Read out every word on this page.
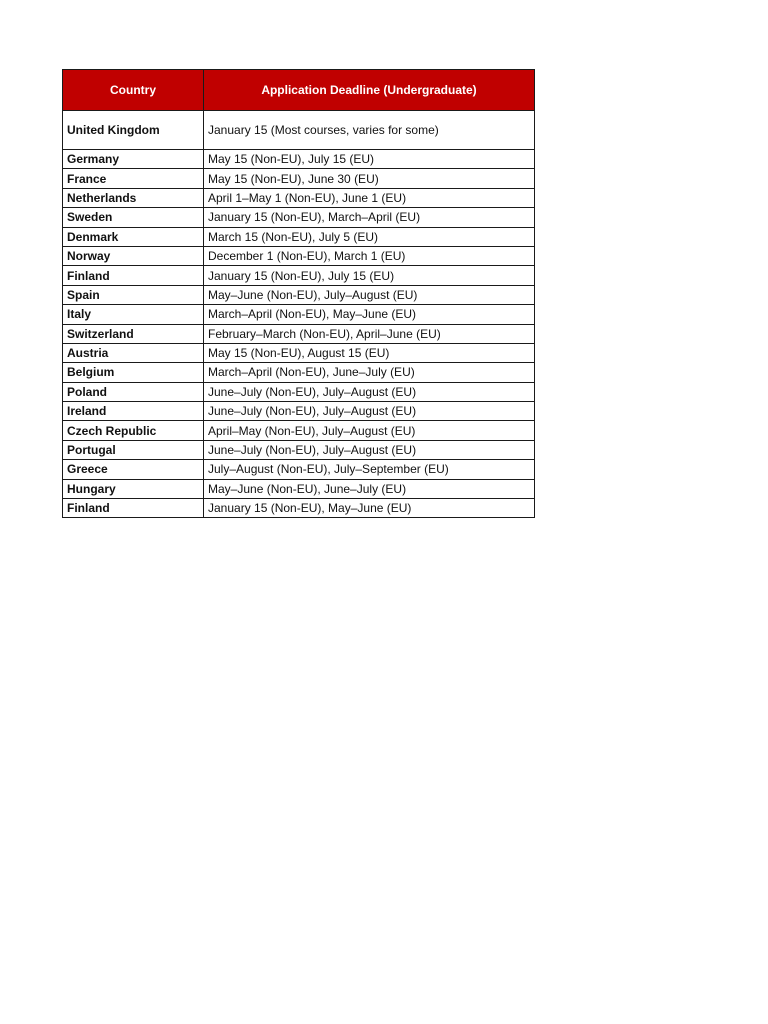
Country	Application Deadline (Undergraduate)
United Kingdom	January 15 (Most courses, varies for some)
Germany	May 15 (Non-EU), July 15 (EU)
France	May 15 (Non-EU), June 30 (EU)
Netherlands	April 1–May 1 (Non-EU), June 1 (EU)
Sweden	January 15 (Non-EU), March–April (EU)
Denmark	March 15 (Non-EU), July 5 (EU)
Norway	December 1 (Non-EU), March 1 (EU)
Finland	January 15 (Non-EU), July 15 (EU)
Spain	May–June (Non-EU), July–August (EU)
Italy	March–April (Non-EU), May–June (EU)
Switzerland	February–March (Non-EU), April–June (EU)
Austria	May 15 (Non-EU), August 15 (EU)
Belgium	March–April (Non-EU), June–July (EU)
Poland	June–July (Non-EU), July–August (EU)
Ireland	June–July (Non-EU), July–August (EU)
Czech Republic	April–May (Non-EU), July–August (EU)
Portugal	June–July (Non-EU), July–August (EU)
Greece	July–August (Non-EU), July–September (EU)
Hungary	May–June (Non-EU), June–July (EU)
Finland	January 15 (Non-EU), May–June (EU)
